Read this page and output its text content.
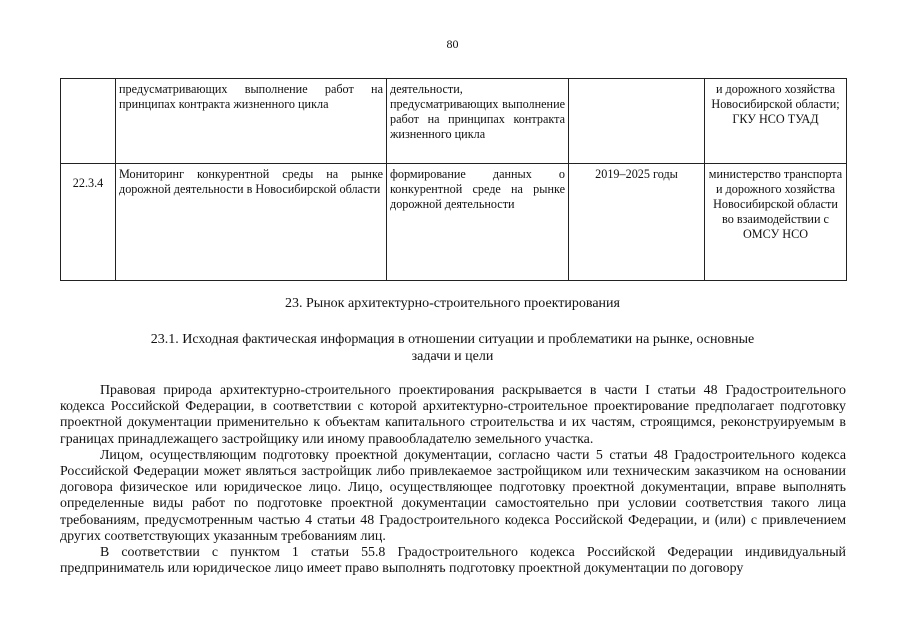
80
	предусматривающих выполнение работ на принципах контракта жизненного цикла	деятельности, предусматривающих выполнение работ на принципах контракта жизненного цикла		и дорожного хозяйства Новосибирской области; ГКУ НСО ТУАД
22.3.4	Мониторинг конкурентной среды на рынке дорожной деятельности в Новосибирской области	формирование данных о конкурентной среде на рынке дорожной деятельности	2019–2025 годы	министерство транспорта и дорожного хозяйства Новосибирской области во взаимодействии с ОМСУ НСО
23. Рынок архитектурно-строительного проектирования
23.1. Исходная фактическая информация в отношении ситуации и проблематики на рынке, основные задачи и цели

Правовая природа архитектурно-строительного проектирования раскрывается в части I статьи 48 Градостроительного кодекса Российской Федерации, в соответствии с которой архитектурно-строительное проектирование предполагает подготовку проектной документации применительно к объектам капитального строительства и их частям, строящимся, реконструируемым в границах принадлежащего застройщику или иному правообладателю земельного участка.

Лицом, осуществляющим подготовку проектной документации, согласно части 5 статьи 48 Градостроительного кодекса Российской Федерации может являться застройщик либо привлекаемое застройщиком или техническим заказчиком на основании договора физическое или юридическое лицо. Лицо, осуществляющее подготовку проектной документации, вправе выполнять определенные виды работ по подготовке проектной документации самостоятельно при условии соответствия такого лица требованиям, предусмотренным частью 4 статьи 48 Градостроительного кодекса Российской Федерации, и (или) с привлечением других соответствующих указанным требованиям лиц.

В соответствии с пунктом 1 статьи 55.8 Градостроительного кодекса Российской Федерации индивидуальный предприниматель или юридическое лицо имеет право выполнять подготовку проектной документации по договору
